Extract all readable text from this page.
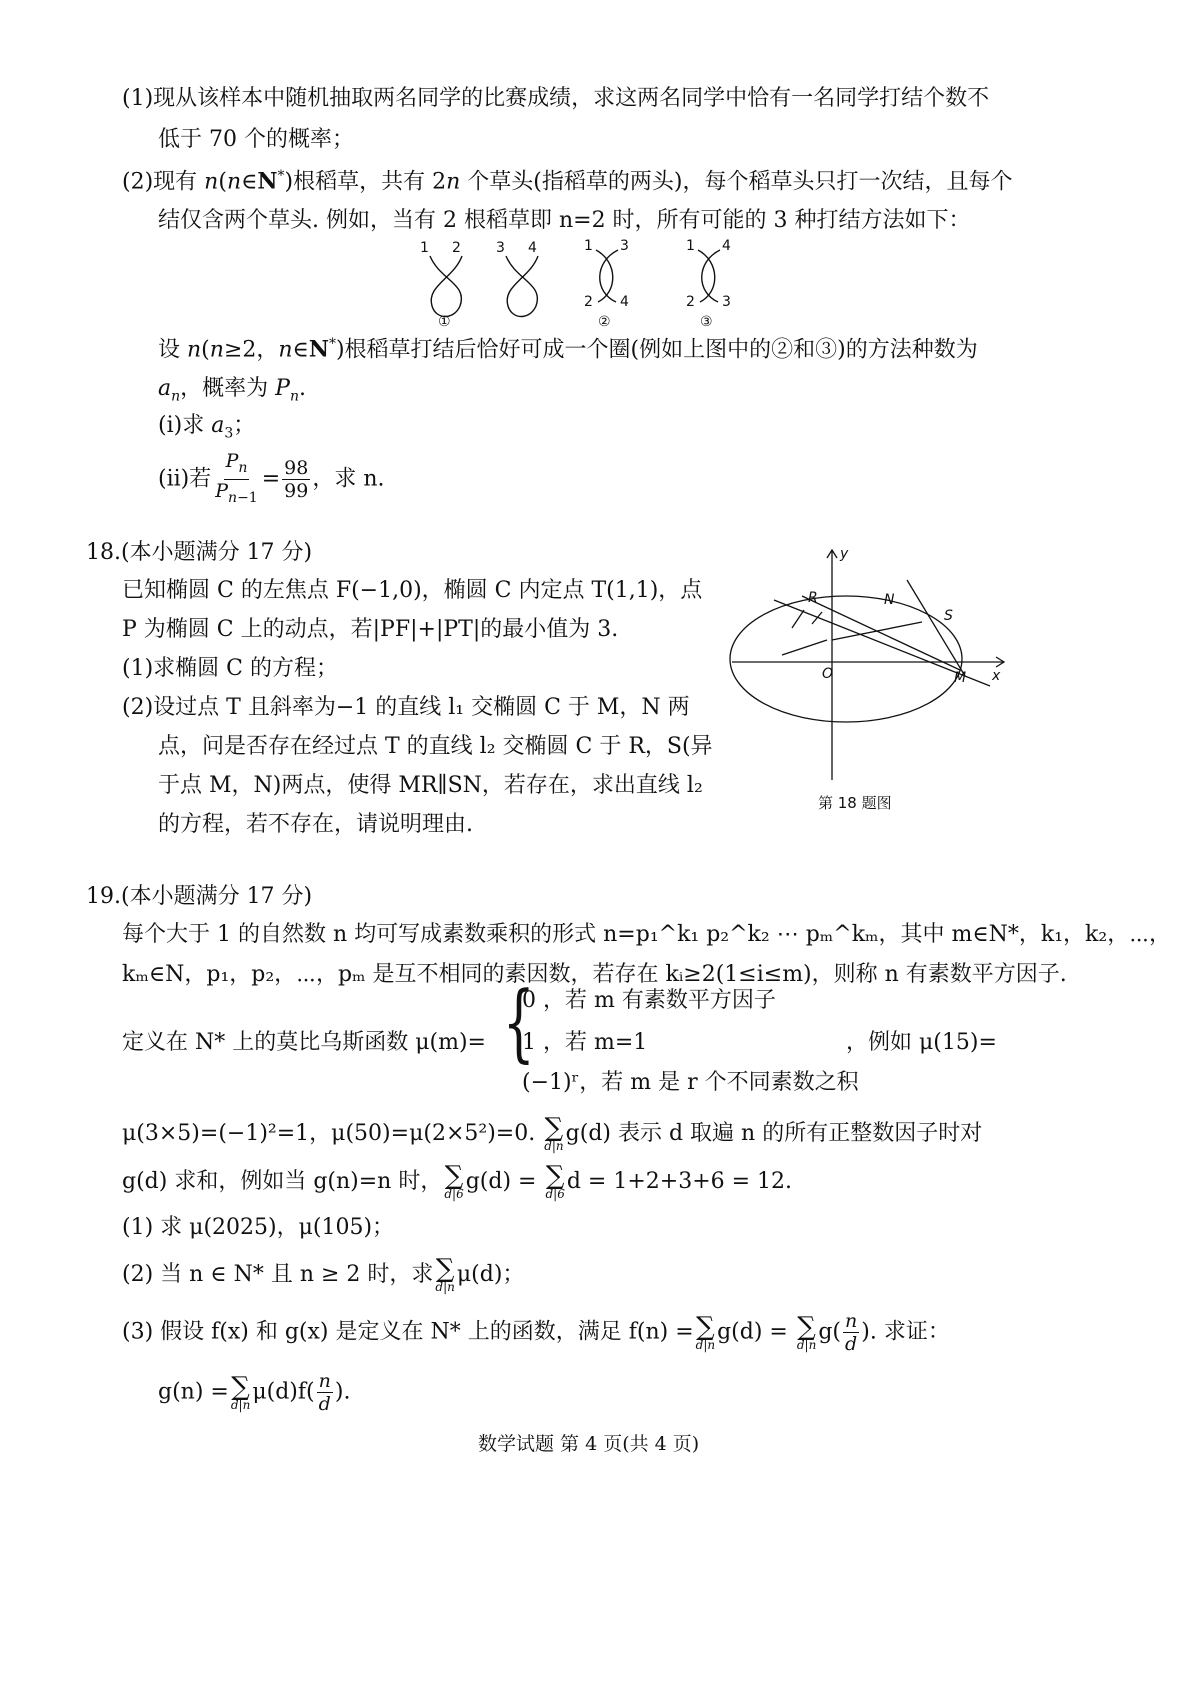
(1)现从该样本中随机抽取两名同学的比赛成绩，求这两名同学中恰有一名同学打结个数不
低于 70 个的概率；
(2)现有 n(n∈N*)根稻草，共有 2n 个草头(指稻草的两头)，每个稻草头只打一次结，且每个
结仅含两个草头. 例如，当有 2 根稻草即 n=2 时，所有可能的 3 种打结方法如下：
1 2	3 4	1 3
2 4
1 4
2 3
①	②	③
设 n(n≥2，n∈N*)根稻草打结后恰好可成一个圈(例如上图中的②和③)的方法种数为
$a_n$，概率为 $P_n$.
(ⅰ)求 $a_3$；
(ⅱ)若 $\frac{P_n}{P_{n-1}} = \frac{98}{99}$ ，求 n.
18.(本小题满分 17 分)
已知椭圆 C 的左焦点 F(−1,0)，椭圆 C 内定点 T(1,1)，点
P 为椭圆 C 上的动点，若|PF|+|PT|的最小值为 3.
(1)求椭圆 C 的方程；
(2)设过点 T 且斜率为−1 的直线 l₁ 交椭圆 C 于 M，N 两
点，问是否存在经过点 T 的直线 l₂ 交椭圆 C 于 R，S(异
于点 M，N)两点，使得 MR∥SN，若存在，求出直线 l₂
的方程，若不存在，请说明理由.
y
x
O
R	N
S
M
第 18 题图
19.(本小题满分 17 分)
每个大于 1 的自然数 n 均可写成素数乘积的形式 n=p₁^k₁ p₂^k₂ ⋯ pₘ^kₘ，其中 m∈N*，k₁，k₂，⋯，
kₘ∈N，p₁，p₂，⋯，pₘ 是互不相同的素因数，若存在 kᵢ≥2(1≤i≤m)，则称 n 有素数平方因子.
定义在 N* 上的莫比乌斯函数 μ(m)= {
0 ，若 m 有素数平方因子
1 ，若 m=1
(−1)ʳ，若 m 是 r 个不同素数之积
，例如 μ(15)=
μ(3×5)=(−1)²=1，μ(50)=μ(2×5²)=0. ∑
d|n g(d) 表示 d 取遍 n 的所有正整数因子时对
g(d) 求和，例如当 g(n)=n 时， ∑
d|6 g(d) = ∑
d|6 d = 1+2+3+6 = 12.
(1) 求 μ(2025)，μ(105)；
(2) 当 n ∈ N* 且 n ≥ 2 时，求 ∑
d|n μ(d)；
(3) 假设 f(x) 和 g(x) 是定义在 N* 上的函数，满足 f(n) = ∑
d|n g(d) = ∑
d|n $g( \frac{n}{d}$ ). 求证：
g(n) = ∑
d|n $\mu(d)f( \frac{n}{d}$ ).
数学试题 第 4 页(共 4 页)
